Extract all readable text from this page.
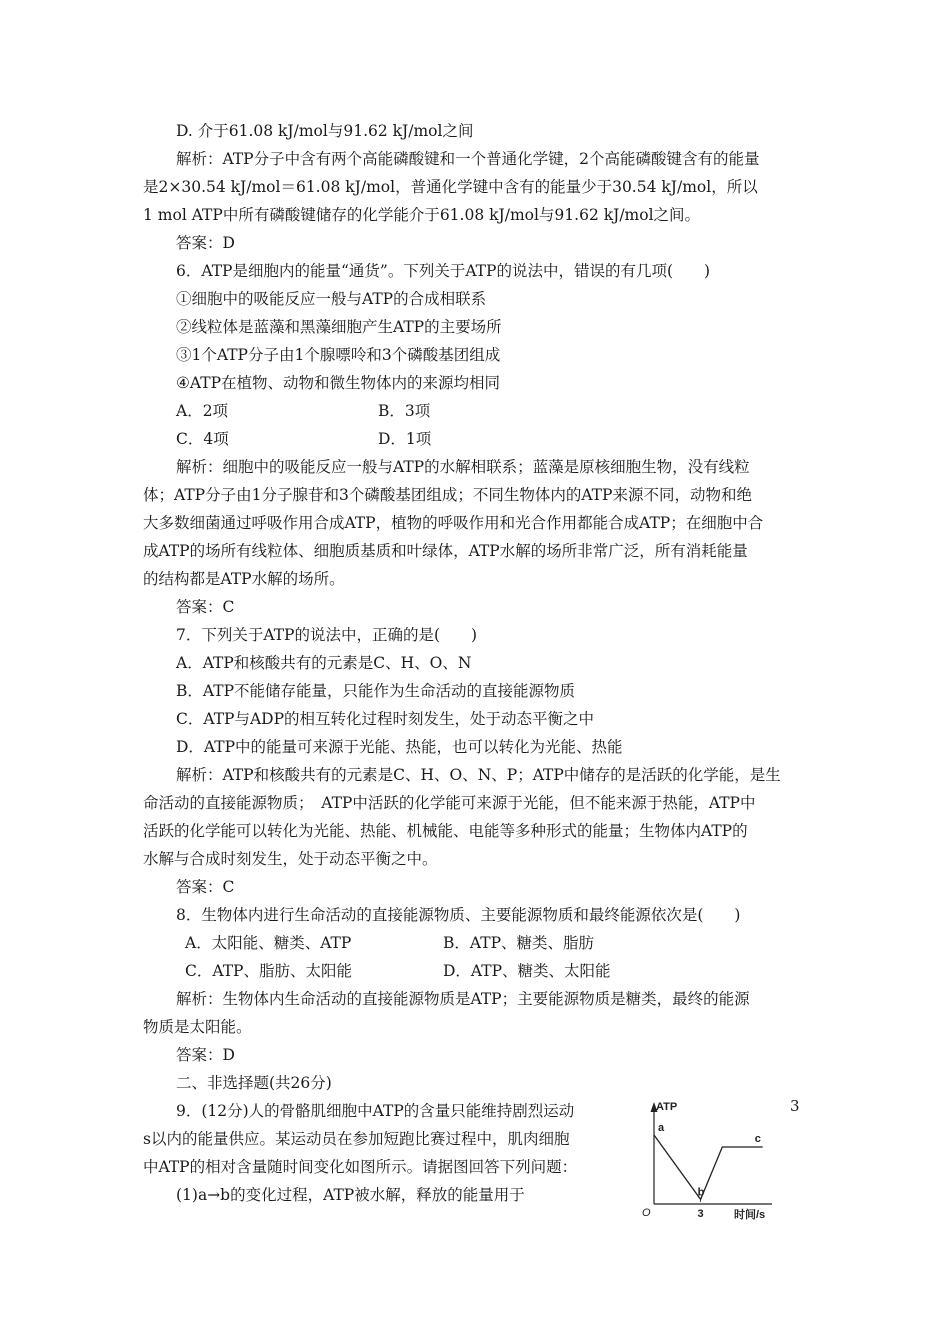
D. 介于61.08 kJ/mol与91.62 kJ/mol之间
解析：ATP分子中含有两个高能磷酸键和一个普通化学键，2个高能磷酸键含有的能量
是2×30.54 kJ/mol＝61.08 kJ/mol，普通化学键中含有的能量少于30.54 kJ/mol，所以
1 mol ATP中所有磷酸键储存的化学能介于61.08 kJ/mol与91.62 kJ/mol之间。
答案：D
6．ATP是细胞内的能量“通货”。下列关于ATP的说法中，错误的有几项(　　)
①细胞中的吸能反应一般与ATP的合成相联系
②线粒体是蓝藻和黑藻细胞产生ATP的主要场所
③1个ATP分子由1个腺嘌呤和3个磷酸基团组成
④ATP在植物、动物和微生物体内的来源均相同
A．2项	B．3项
C．4项	D．1项
解析：细胞中的吸能反应一般与ATP的水解相联系；蓝藻是原核细胞生物，没有线粒
体；ATP分子由1分子腺苷和3个磷酸基团组成；不同生物体内的ATP来源不同，动物和绝
大多数细菌通过呼吸作用合成ATP，植物的呼吸作用和光合作用都能合成ATP；在细胞中合
成ATP的场所有线粒体、细胞质基质和叶绿体，ATP水解的场所非常广泛，所有消耗能量
的结构都是ATP水解的场所。
答案：C
7．下列关于ATP的说法中，正确的是(　　)
A．ATP和核酸共有的元素是C、H、O、N
B．ATP不能储存能量，只能作为生命活动的直接能源物质
C．ATP与ADP的相互转化过程时刻发生，处于动态平衡之中
D．ATP中的能量可来源于光能、热能，也可以转化为光能、热能
解析：ATP和核酸共有的元素是C、H、O、N、P；ATP中储存的是活跃的化学能，是生
命活动的直接能源物质；　ATP中活跃的化学能可来源于光能，但不能来源于热能，ATP中
活跃的化学能可以转化为光能、热能、机械能、电能等多种形式的能量；生物体内ATP的
水解与合成时刻发生，处于动态平衡之中。
答案：C
8．生物体内进行生命活动的直接能源物质、主要能源物质和最终能源依次是(　　)
A．太阳能、糖类、ATP	B．ATP、糖类、脂肪
C．ATP、脂肪、太阳能	D．ATP、糖类、太阳能
解析：生物体内生命活动的直接能源物质是ATP；主要能源物质是糖类，最终的能源
物质是太阳能。
答案：D
二、非选择题(共26分)
9．(12分)人的骨骼肌细胞中ATP的含量只能维持剧烈运动
s以内的能量供应。某运动员在参加短跑比赛过程中，肌肉细胞
中ATP的相对含量随时间变化如图所示。请据图回答下列问题：
(1)a→b的变化过程，ATP被水解，释放的能量用于
3
ATP
O	时间/s
3
a
b
c
